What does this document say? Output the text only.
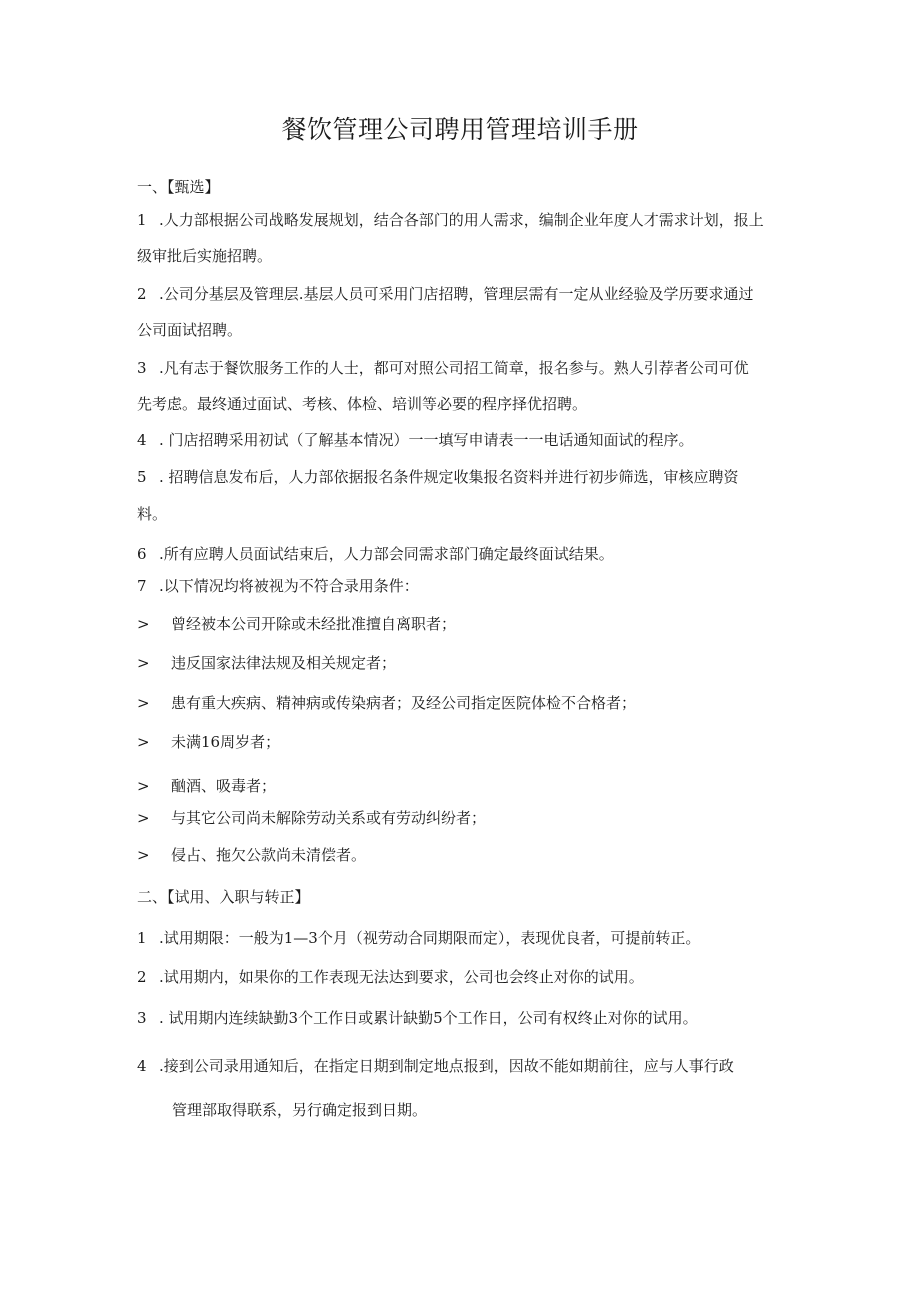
餐饮管理公司聘用管理培训手册
一、【甄选】
1 .人力部根据公司战略发展规划，结合各部门的用人需求，编制企业年度人才需求计划，报上
级审批后实施招聘。
2 .公司分基层及管理层.基层人员可采用门店招聘，管理层需有一定从业经验及学历要求通过
公司面试招聘。
3 .凡有志于餐饮服务工作的人士，都可对照公司招工简章，报名参与。熟人引荐者公司可优
先考虑。最终通过面试、考核、体检、培训等必要的程序择优招聘。
4 . 门店招聘采用初试（了解基本情况）一一填写申请表一一电话通知面试的程序。
5 . 招聘信息发布后，人力部依据报名条件规定收集报名资料并进行初步筛选，审核应聘资
料。
6 .所有应聘人员面试结束后，人力部会同需求部门确定最终面试结果。
7 .以下情况均将被视为不符合录用条件：
> 曾经被本公司开除或未经批准擅自离职者；
> 违反国家法律法规及相关规定者；
> 患有重大疾病、精神病或传染病者；及经公司指定医院体检不合格者；
> 未满16周岁者；
> 酗酒、吸毒者；
> 与其它公司尚未解除劳动关系或有劳动纠纷者；
> 侵占、拖欠公款尚未清偿者。
二、【试用、入职与转正】
1 .试用期限：一般为1—3个月（视劳动合同期限而定），表现优良者，可提前转正。
2 .试用期内，如果你的工作表现无法达到要求，公司也会终止对你的试用。
3 . 试用期内连续缺勤3个工作日或累计缺勤5个工作日，公司有权终止对你的试用。
4 .接到公司录用通知后，在指定日期到制定地点报到，因故不能如期前往，应与人事行政
管理部取得联系，另行确定报到日期。
